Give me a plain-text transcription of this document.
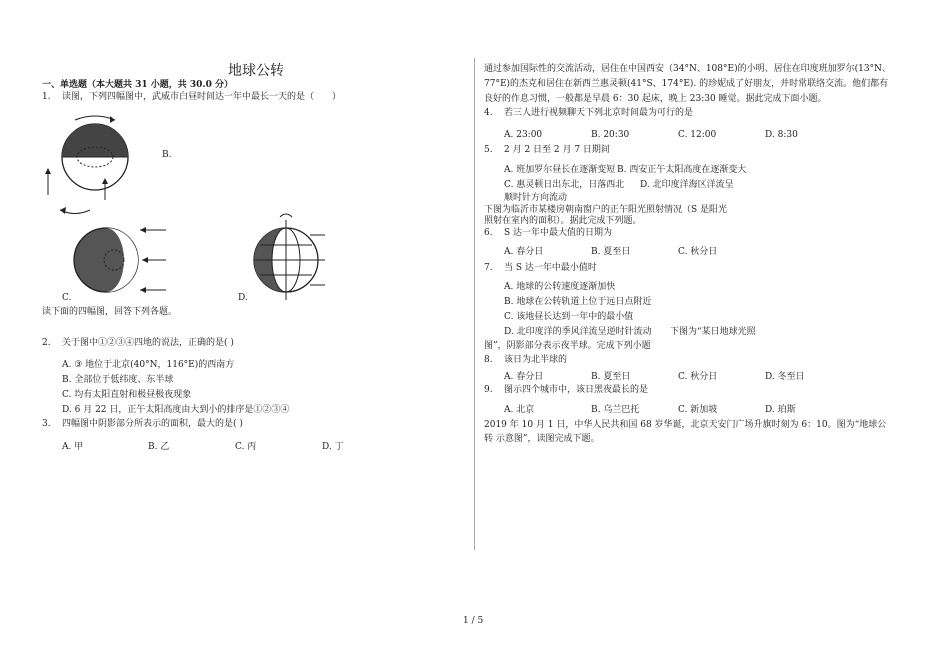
地球公转
一、单选题（本大题共 31 小题，共 30.0 分）
1. 读图，下列四幅图中，武威市白昼时间达一年中最长一天的是（　　）
B.
C.	D.
读下面的四幅图，回答下列各题。
2. 关于图中①②③④四地的说法，正确的是( )
A. ③ 地位于北京(40°N，116°E)的西南方
B. 全部位于低纬度、东半球
C. 均有太阳直射和极昼极夜现象
D. 6 月 22 日，正午太阳高度由大到小的排序是①②③④
3. 四幅图中阴影部分所表示的面积，最大的是( )
A. 甲	B. 乙	C. 丙	D. 丁
通过参加国际性的交流活动，居住在中国西安（34°N、108°E)的小明、居住在印度班加罗尔(13°N、
77°E)的杰克和居住在新西兰惠灵顿(41°S、174°E). 的珍妮成了好朋友，并时常联络交流。他们都有
良好的作息习惯，一般都是早晨 6：30 起床，晚上 23:30 睡觉。据此完成下面小题。
4. 若三人进行视频聊天下列北京时间最为可行的是
A. 23:00	B. 20:30	C. 12:00	D. 8:30
5. 2 月 2 日至 2 月 7 日期间
A. 班加罗尔昼长在逐渐变短 B. 西安正午太阳高度在逐渐变大
C. 惠灵顿日出东北，日落西北 D. 北印度洋海区洋流呈
顺时针方向流动
下图为临沂市某楼房朝南窗户的正午阳光照射情况（S 是阳光
照射在室内的面积）。据此完成下列题。
6. S 达一年中最大值的日期为
A. 春分日	B. 夏至日	C. 秋分日
7. 当 S 达一年中最小值时
A. 地球的公转速度逐渐加快
B. 地球在公转轨道上位于远日点附近
C. 该地昼长达到一年中的最小值
D. 北印度洋的季风洋流呈逆时针流动 下图为“某日地球光照
图”，阴影部分表示夜半球。完成下列小题
8. 该日为北半球的
A. 春分日	B. 夏至日	C. 秋分日	D. 冬至日
9. 图示四个城市中，该日黑夜最长的是
A. 北京	B. 乌兰巴托	C. 新加坡	D. 珀斯
2019 年 10 月 1 日，中华人民共和国 68 岁华诞，北京天安门广场升旗时刻为 6：10。图为“地球公
转 示意图”，读图完成下题。
1 / 5
